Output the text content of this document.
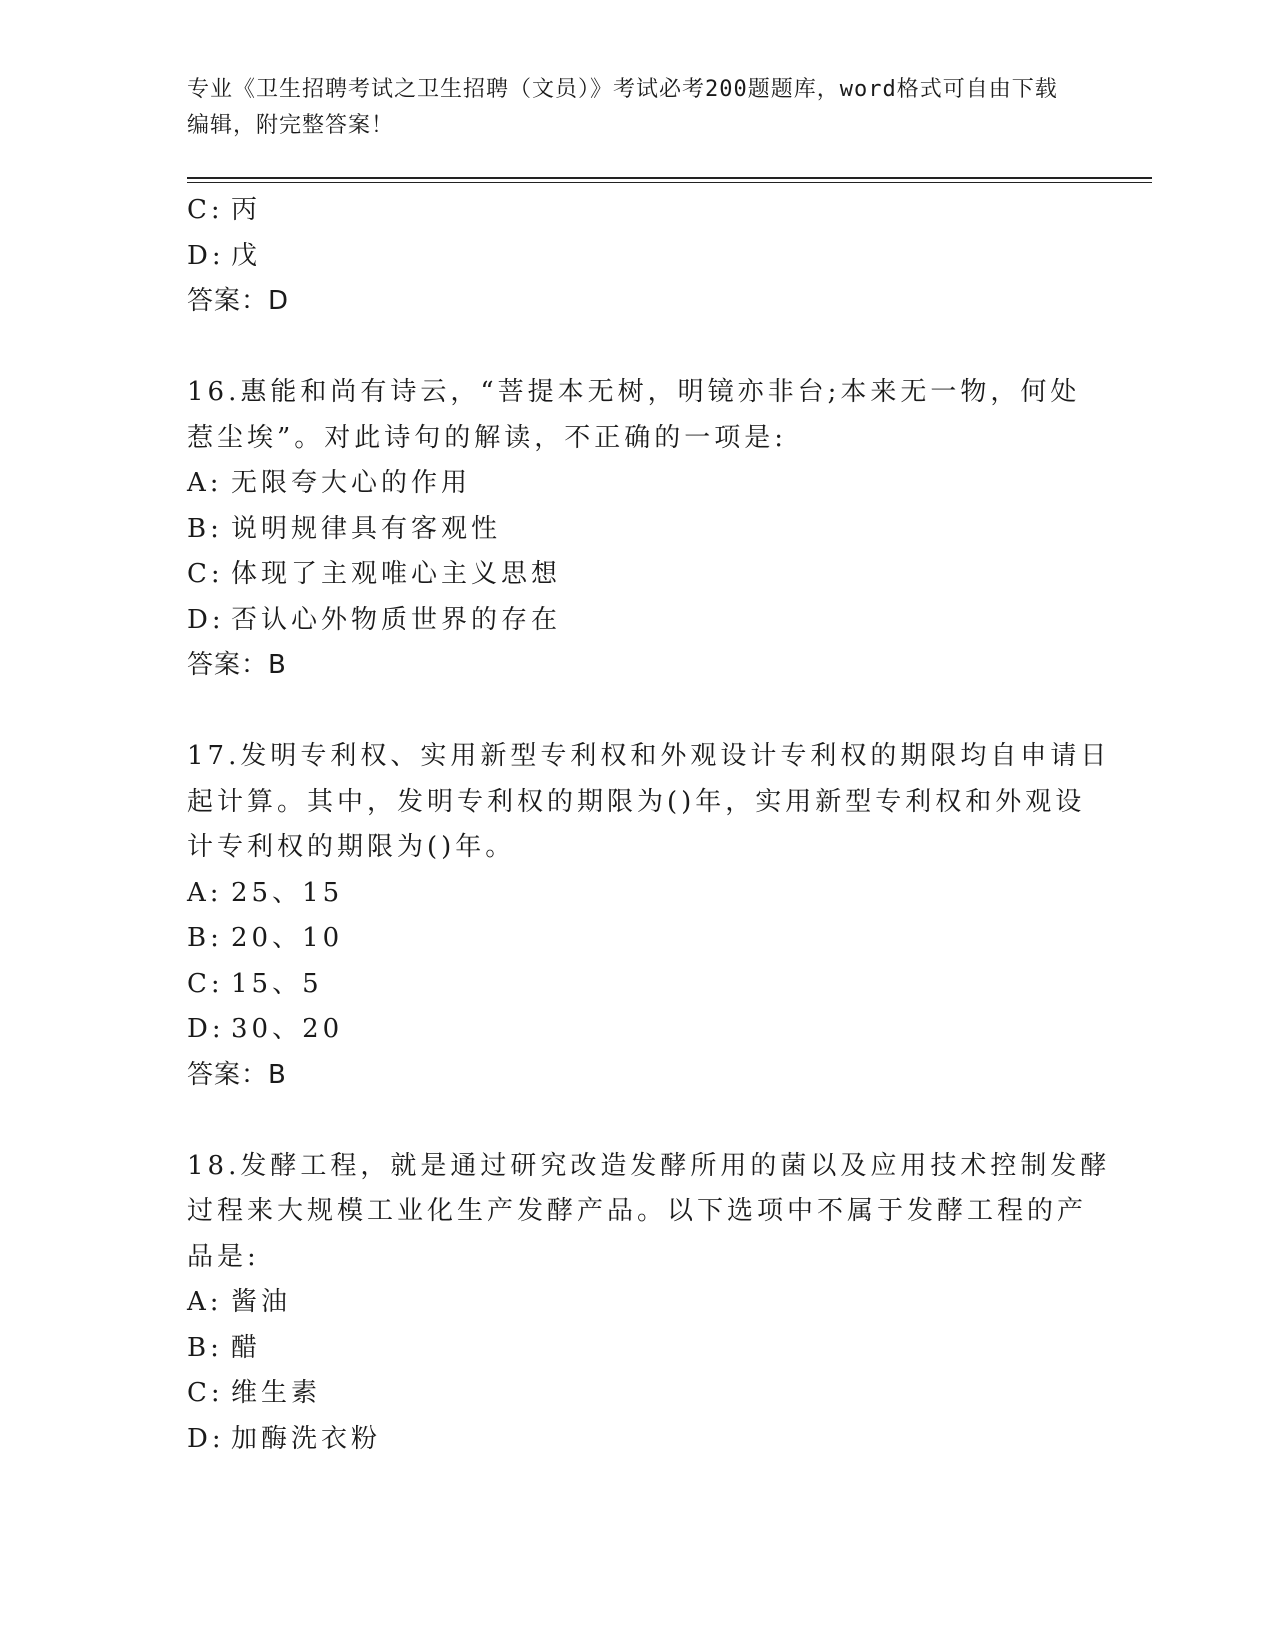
专业《卫生招聘考试之卫生招聘（文员）》考试必考200题题库，word格式可自由下载编辑，附完整答案！
C: 丙
D: 戊
答案：D
16.惠能和尚有诗云，“菩提本无树，明镜亦非台;本来无一物，何处
惹尘埃”。对此诗句的解读，不正确的一项是:
A: 无限夸大心的作用
B: 说明规律具有客观性
C: 体现了主观唯心主义思想
D: 否认心外物质世界的存在
答案：B
17.发明专利权、实用新型专利权和外观设计专利权的期限均自申请日
起计算。其中，发明专利权的期限为()年，实用新型专利权和外观设
计专利权的期限为()年。
A: 25、15
B: 20、10
C: 15、5
D: 30、20
答案：B
18.发酵工程，就是通过研究改造发酵所用的菌以及应用技术控制发酵
过程来大规模工业化生产发酵产品。以下选项中不属于发酵工程的产
品是:
A: 酱油
B: 醋
C: 维生素
D: 加酶洗衣粉
